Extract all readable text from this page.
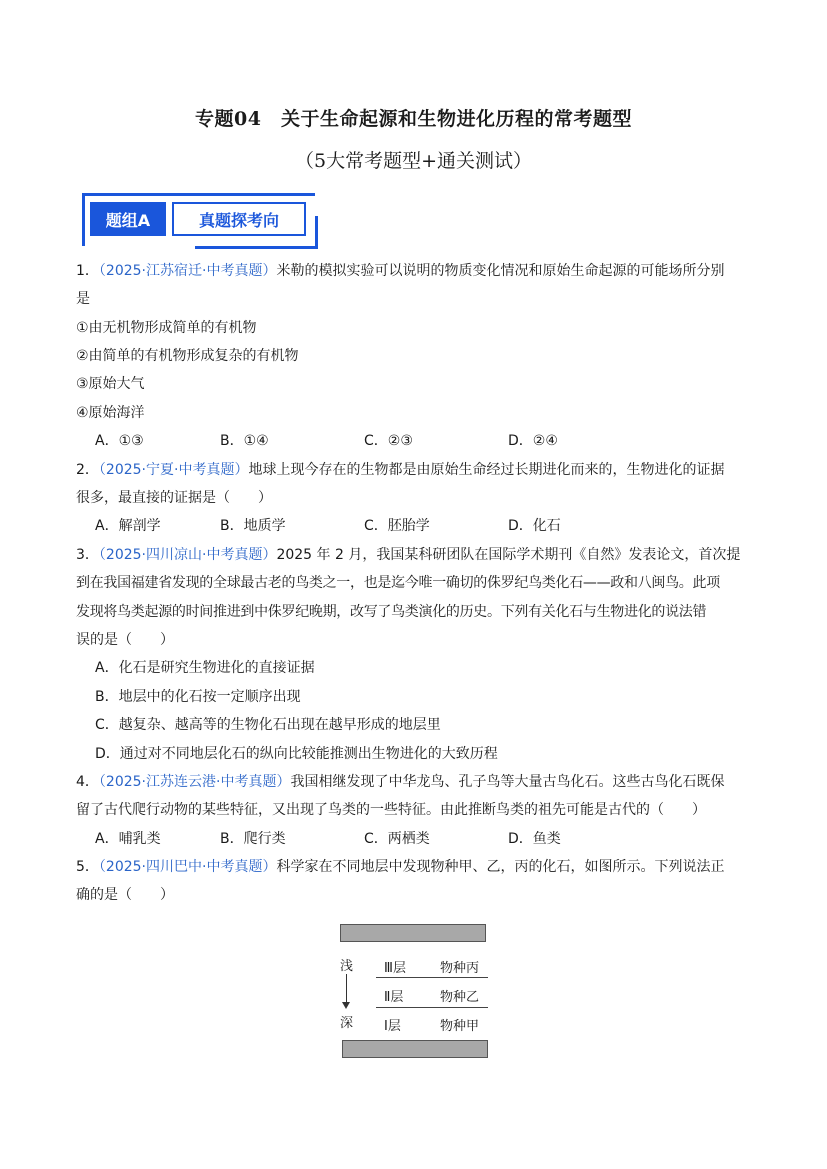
专题04　关于生命起源和生物进化历程的常考题型
（5大常考题型+通关测试）
题组A	真题探考向
1．（2025·江苏宿迁·中考真题）米勒的模拟实验可以说明的物质变化情况和原始生命起源的可能场所分别
是
①由无机物形成简单的有机物
②由简单的有机物形成复杂的有机物
③原始大气
④原始海洋
A．①③	B．①④	C．②③	D．②④
2．（2025·宁夏·中考真题）地球上现今存在的生物都是由原始生命经过长期进化而来的，生物进化的证据
很多，最直接的证据是（　　）
A．解剖学	B．地质学	C．胚胎学	D．化石
3．（2025·四川凉山·中考真题）2025 年 2 月，我国某科研团队在国际学术期刊《自然》发表论文，首次提
到在我国福建省发现的全球最古老的鸟类之一，也是迄今唯一确切的侏罗纪鸟类化石——政和八闽鸟。此项
发现将鸟类起源的时间推进到中侏罗纪晚期，改写了鸟类演化的历史。下列有关化石与生物进化的说法错
误的是（　　）
A．化石是研究生物进化的直接证据
B．地层中的化石按一定顺序出现
C．越复杂、越高等的生物化石出现在越早形成的地层里
D．通过对不同地层化石的纵向比较能推测出生物进化的大致历程
4．（2025·江苏连云港·中考真题）我国相继发现了中华龙鸟、孔子鸟等大量古鸟化石。这些古鸟化石既保
留了古代爬行动物的某些特征，又出现了鸟类的一些特征。由此推断鸟类的祖先可能是古代的（　　）
A．哺乳类	B．爬行类	C．两栖类	D．鱼类
5．（2025·四川巴中·中考真题）科学家在不同地层中发现物种甲、乙，丙的化石，如图所示。下列说法正
确的是（　　）
浅
深
Ⅲ层	物种丙
Ⅱ层	物种乙
Ⅰ层	物种甲
